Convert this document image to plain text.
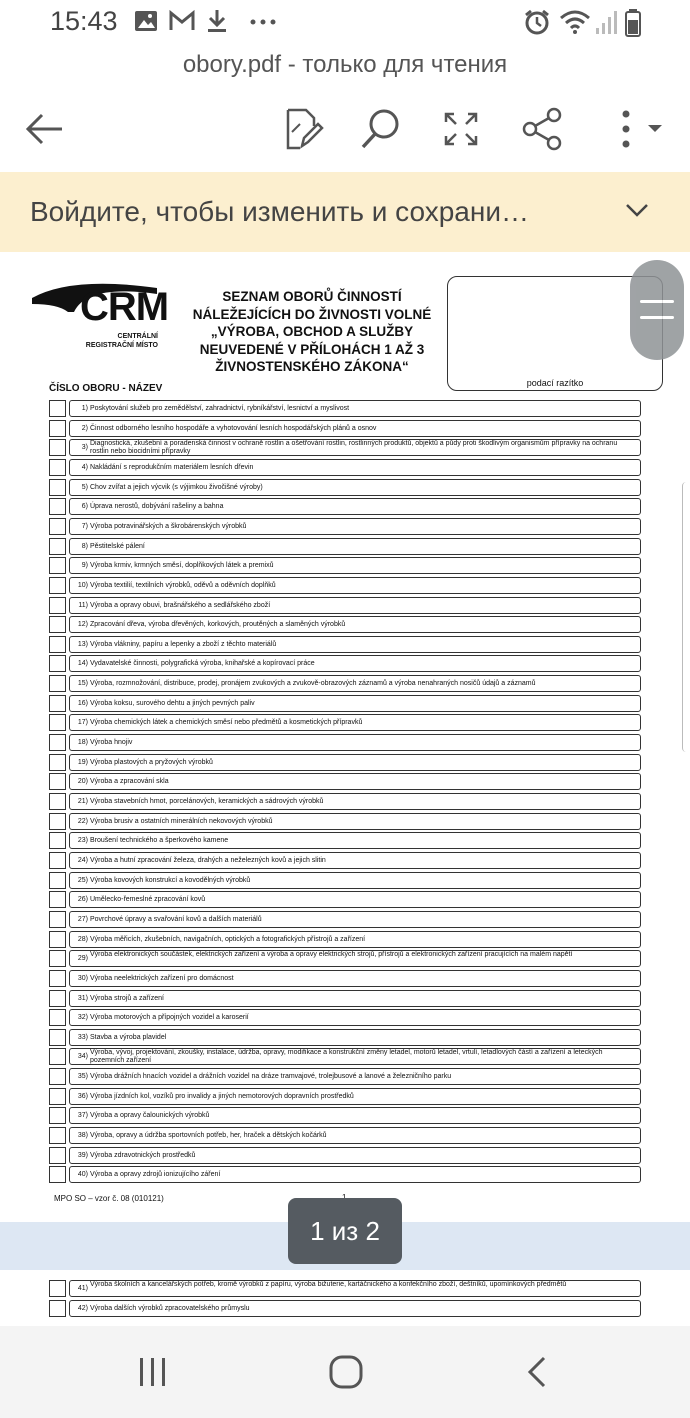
15:43
obory.pdf - только для чтения
Войдите, чтобы изменить и сохрани…
CRM
CENTRÁLNÍ
REGISTRAČNÍ MÍSTO
SEZNAM OBORŮ ČINNOSTÍ
NÁLEŽEJÍCÍCH DO ŽIVNOSTI VOLNÉ
„VÝROBA, OBCHOD A SLUŽBY
NEUVEDENÉ V PŘÍLOHÁCH 1 AŽ 3
ŽIVNOSTENSKÉHO ZÁKONA“
podací razítko
ČÍSLO OBORU - NÁZEV
1) Poskytování služeb pro zemědělství, zahradnictví, rybníkářství, lesnictví a myslivost
2) Činnost odborného lesního hospodáře a vyhotovování lesních hospodářských plánů a osnov
3)
Diagnostická, zkušební a poradenská činnost v ochraně rostlin a ošetřování rostlin, rostlinných produktů, objektů a půdy proti škodlivým organismům přípravky na ochranu rostlin nebo biocidními přípravky
4) Nakládání s reprodukčním materiálem lesních dřevin
5) Chov zvířat a jejich výcvik (s výjimkou živočišné výroby)
6) Úprava nerostů, dobývání rašeliny a bahna
7) Výroba potravinářských a škrobárenských výrobků
8) Pěstitelské pálení
9) Výroba krmiv, krmných směsí, doplňkových látek a premixů
10) Výroba textilií, textilních výrobků, oděvů a oděvních doplňků
11) Výroba a opravy obuvi, brašnářského a sedlářského zboží
12) Zpracování dřeva, výroba dřevěných, korkových, proutěných a slaměných výrobků
13) Výroba vlákniny, papíru a lepenky a zboží z těchto materiálů
14) Vydavatelské činnosti, polygrafická výroba, knihařské a kopírovací práce
15) Výroba, rozmnožování, distribuce, prodej, pronájem zvukových a zvukově-obrazových záznamů a výroba nenahraných nosičů údajů a záznamů
16) Výroba koksu, surového dehtu a jiných pevných paliv
17) Výroba chemických látek a chemických směsí nebo předmětů a kosmetických přípravků
18) Výroba hnojiv
19) Výroba plastových a pryžových výrobků
20) Výroba a zpracování skla
21) Výroba stavebních hmot, porcelánových, keramických a sádrových výrobků
22) Výroba brusiv a ostatních minerálních nekovových výrobků
23) Broušení technického a šperkového kamene
24) Výroba a hutní zpracování železa, drahých a neželezných kovů a jejich slitin
25) Výroba kovových konstrukcí a kovodělných výrobků
26) Umělecko-řemeslné zpracování kovů
27) Povrchové úpravy a svařování kovů a dalších materiálů
28) Výroba měřicích, zkušebních, navigačních, optických a fotografických přístrojů a zařízení
29)
Výroba elektronických součástek, elektrických zařízení a výroba a opravy elektrických strojů, přístrojů a elektronických zařízení pracujících na malém napětí
30) Výroba neelektrických zařízení pro domácnost
31) Výroba strojů a zařízení
32) Výroba motorových a přípojných vozidel a karoserií
33) Stavba a výroba plavidel
34)
Výroba, vývoj, projektování, zkoušky, instalace, údržba, opravy, modifikace a konstrukční změny letadel, motorů letadel, vrtulí, letadlových částí a zařízení a leteckých pozemních zařízení
35) Výroba drážních hnacích vozidel a drážních vozidel na dráze tramvajové, trolejbusové a lanové a železničního parku
36) Výroba jízdních kol, vozíků pro invalidy a jiných nemotorových dopravních prostředků
37) Výroba a opravy čalounických výrobků
38) Výroba, opravy a údržba sportovních potřeb, her, hraček a dětských kočárků
39) Výroba zdravotnických prostředků
40) Výroba a opravy zdrojů ionizujícího záření
MPO SO – vzor č. 08 (010121)
41)
Výroba školních a kancelářských potřeb, kromě výrobků z papíru, výroba bižuterie, kartáčnického a konfekčního zboží, deštníků, upomínkových předmětů
42) Výroba dalších výrobků zpracovatelského průmyslu
1 из 2
